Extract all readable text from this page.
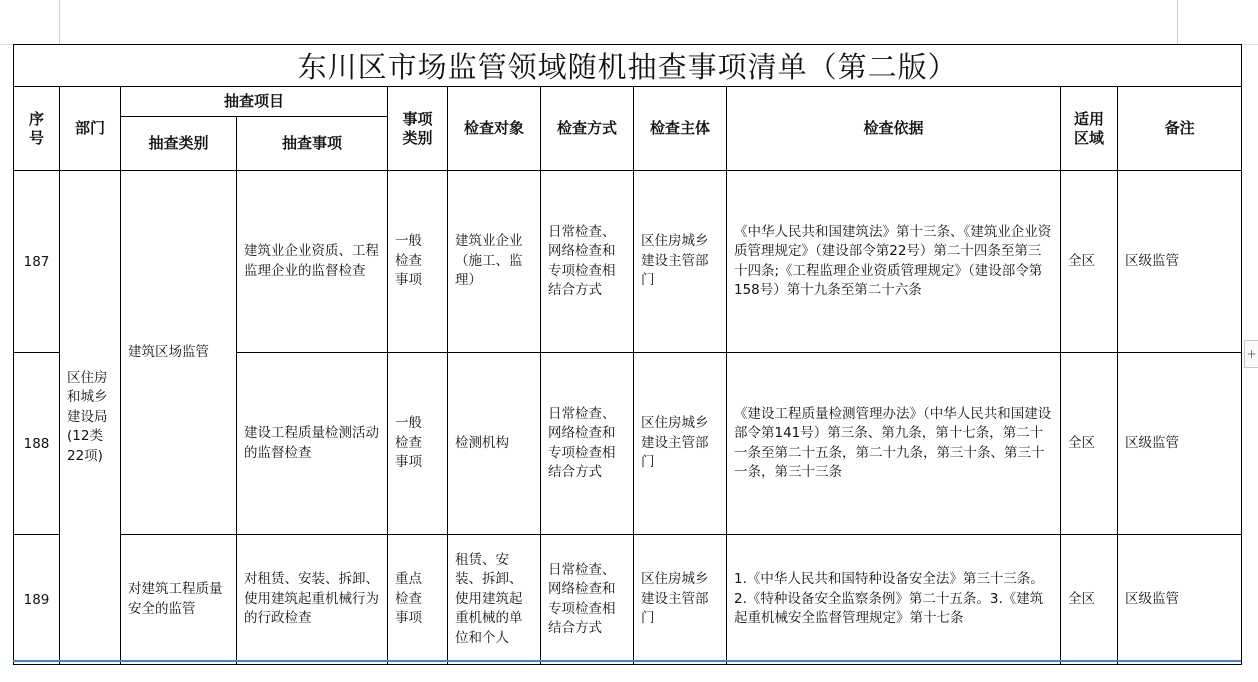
东川区市场监管领域随机抽查事项清单（第二版）										

序号	部门	抽查项目		事项类别	检查对象	检查方式	检查主体	检查依据	适用区域	备注
		抽查类别	抽查事项							
187	区住房和城乡建设局(12类22项)	建筑区场监管	建筑业企业资质、工程监理企业的监督检查	一般检查事项	建筑业企业（施工、监理）	日常检查、网络检查和专项检查相结合方式	区住房城乡建设主管部门	《中华人民共和国建筑法》第十三条、《建筑业企业资质管理规定》（建设部令第22号）第二十四条至第三十四条;《工程监理企业资质管理规定》（建设部令第158号）第十九条至第二十六条	全区	区级监管
188			建设工程质量检测活动的监督检查	一般检查事项	检测机构	日常检查、网络检查和专项检查相结合方式	区住房城乡建设主管部门	《建设工程质量检测管理办法》（中华人民共和国建设部令第141号）第三条、第九条，第十七条，第二十一条至第二十五条，第二十九条，第三十条、第三十一条，第三十三条	全区	区级监管
189		对建筑工程质量安全的监管	对租赁、安装、拆卸、使用建筑起重机械行为的行政检查	重点检查事项	租赁、安装、拆卸、使用建筑起重机械的单位和个人	日常检查、网络检查和专项检查相结合方式	区住房城乡建设主管部门	1.《中华人民共和国特种设备安全法》第三十三条。2.《特种设备安全监察条例》第二十五条。3.《建筑起重机械安全监督管理规定》第十七条	全区	区级监管
+
